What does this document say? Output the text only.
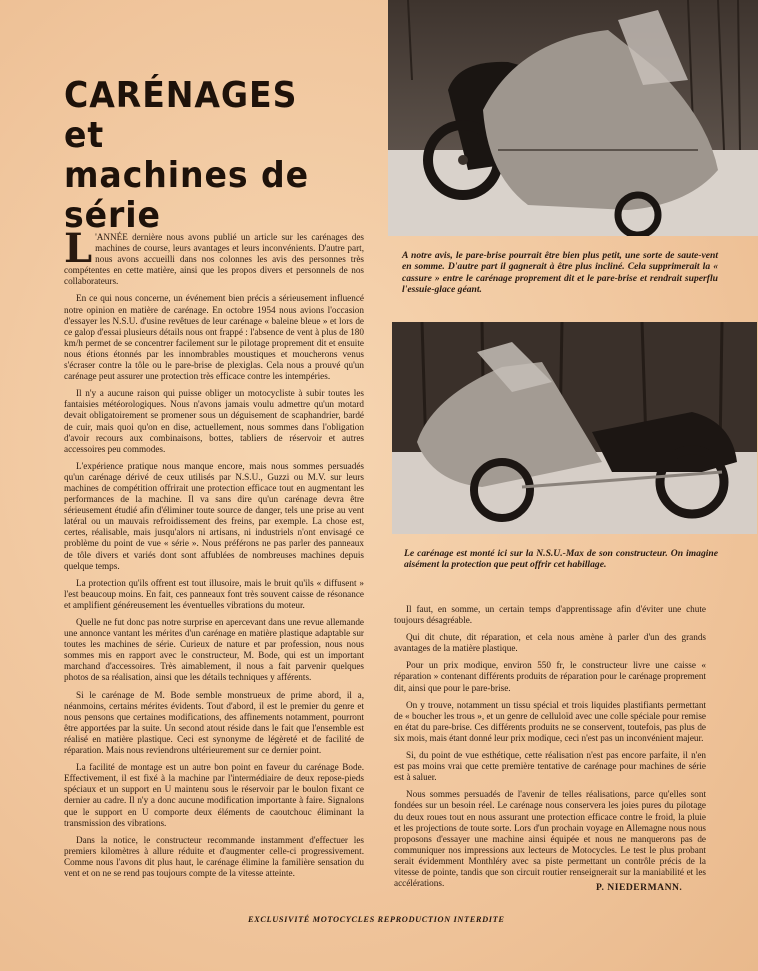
CARÉNAGES et
machines de série
A notre avis, le pare-brise pourrait être bien plus petit, une sorte de saute-vent en somme. D'autre part il gagnerait à être plus incliné. Cela supprimerait la « cassure » entre le carénage proprement dit et le pare-brise et rendrait superflu l'essuie-glace géant.
Le carénage est monté ici sur la N.S.U.-Max de son constructeur. On imagine aisément la protection que peut offrir cet habillage.

L 'ANNÉE dernière nous avons publié un article sur les carénages des machines de course, leurs avantages et leurs inconvénients. D'autre part, nous avons accueilli dans nos colonnes les avis des personnes très compétentes en cette matière, ainsi que les propos divers et personnels de nos collaborateurs.

En ce qui nous concerne, un événement bien précis a sérieusement influencé notre opinion en matière de carénage. En octobre 1954 nous avions l'occasion d'essayer les N.S.U. d'usine revêtues de leur carénage « baleine bleue » et lors de ce galop d'essai plusieurs détails nous ont frappé : l'absence de vent à plus de 180 km/h permet de se concentrer facilement sur le pilotage proprement dit et ensuite nous étions étonnés par les innombrables moustiques et moucherons venus s'écraser contre la tôle ou le pare-brise de plexiglas. Cela nous a prouvé qu'un carénage peut assurer une protection très efficace contre les intempéries.

Il n'y a aucune raison qui puisse obliger un motocycliste à subir toutes les fantaisies météorologiques. Nous n'avons jamais voulu admettre qu'un motard devait obligatoirement se promener sous un déguisement de scaphandrier, bardé de cuir, mais quoi qu'on en dise, actuellement, nous sommes dans l'obligation d'avoir recours aux combinaisons, bottes, tabliers de réservoir et autres accessoires peu commodes.

L'expérience pratique nous manque encore, mais nous sommes persuadés qu'un carénage dérivé de ceux utilisés par N.S.U., Guzzi ou M.V. sur leurs machines de compétition offrirait une protection efficace tout en augmentant les performances de la machine. Il va sans dire qu'un carénage devra être sérieusement étudié afin d'éliminer toute source de danger, tels une prise au vent latéral ou un mauvais refroidissement des freins, par exemple. La chose est, certes, réalisable, mais jusqu'alors ni artisans, ni industriels n'ont envisagé ce problème du point de vue « série ». Nous préférons ne pas parler des panneaux de tôle divers et variés dont sont affublées de nombreuses machines depuis quelque temps.

La protection qu'ils offrent est tout illusoire, mais le bruit qu'ils « diffusent » l'est beaucoup moins. En fait, ces panneaux font très souvent caisse de résonance et amplifient généreusement les éventuelles vibrations du moteur.

Quelle ne fut donc pas notre surprise en apercevant dans une revue allemande une annonce vantant les mérites d'un carénage en matière plastique adaptable sur toutes les machines de série. Curieux de nature et par profession, nous nous sommes mis en rapport avec le constructeur, M. Bode, qui est un important marchand d'accessoires. Très aimablement, il nous a fait parvenir quelques photos de sa réalisation, ainsi que les détails techniques y afférents.

Si le carénage de M. Bode semble monstrueux de prime abord, il a, néanmoins, certains mérites évidents. Tout d'abord, il est le premier du genre et nous pensons que certaines modifications, des affinements notamment, pourront être apportées par la suite. Un second atout réside dans le fait que l'ensemble est réalisé en matière plastique. Ceci est synonyme de légèreté et de facilité de réparation. Mais nous reviendrons ultérieurement sur ce dernier point.

La facilité de montage est un autre bon point en faveur du carénage Bode. Effectivement, il est fixé à la machine par l'intermédiaire de deux repose-pieds spéciaux et un support en U maintenu sous le réservoir par le boulon fixant ce dernier au cadre. Il n'y a donc aucune modification importante à faire. Signalons que le support en U comporte deux éléments de caoutchouc éliminant la transmission des vibrations.

Dans la notice, le constructeur recommande instamment d'effectuer les premiers kilomètres à allure réduite et d'augmenter celle-ci progressivement. Comme nous l'avons dit plus haut, le carénage élimine la familière sensation du vent et on ne se rend pas toujours compte de la vitesse atteinte.

Il faut, en somme, un certain temps d'apprentissage afin d'éviter une chute toujours désagréable.

Qui dit chute, dit réparation, et cela nous amène à parler d'un des grands avantages de la matière plastique.

Pour un prix modique, environ 550 fr, le constructeur livre une caisse « réparation » contenant différents produits de réparation pour le carénage proprement dit, ainsi que pour le pare-brise.

On y trouve, notamment un tissu spécial et trois liquides plastifiants permettant de « boucher les trous », et un genre de celluloïd avec une colle spéciale pour remise en état du pare-brise. Ces différents produits ne se conservent, toutefois, pas plus de six mois, mais étant donné leur prix modique, ceci n'est pas un inconvénient majeur.

Si, du point de vue esthétique, cette réalisation n'est pas encore parfaite, il n'en est pas moins vrai que cette première tentative de carénage pour machines de série est à saluer.

Nous sommes persuadés de l'avenir de telles réalisations, parce qu'elles sont fondées sur un besoin réel. Le carénage nous conservera les joies pures du pilotage du deux roues tout en nous assurant une protection efficace contre le froid, la pluie et les projections de toute sorte. Lors d'un prochain voyage en Allemagne nous nous proposons d'essayer une machine ainsi équipée et nous ne manquerons pas de communiquer nos impressions aux lecteurs de Motocycles. Le test le plus probant serait évidemment Monthléry avec sa piste permettant un contrôle précis de la vitesse de pointe, tandis que son circuit routier renseignerait sur la maniabilité et les accélérations.	P. NIEDERMANN.
EXCLUSIVITÉ MOTOCYCLES REPRODUCTION INTERDITE
